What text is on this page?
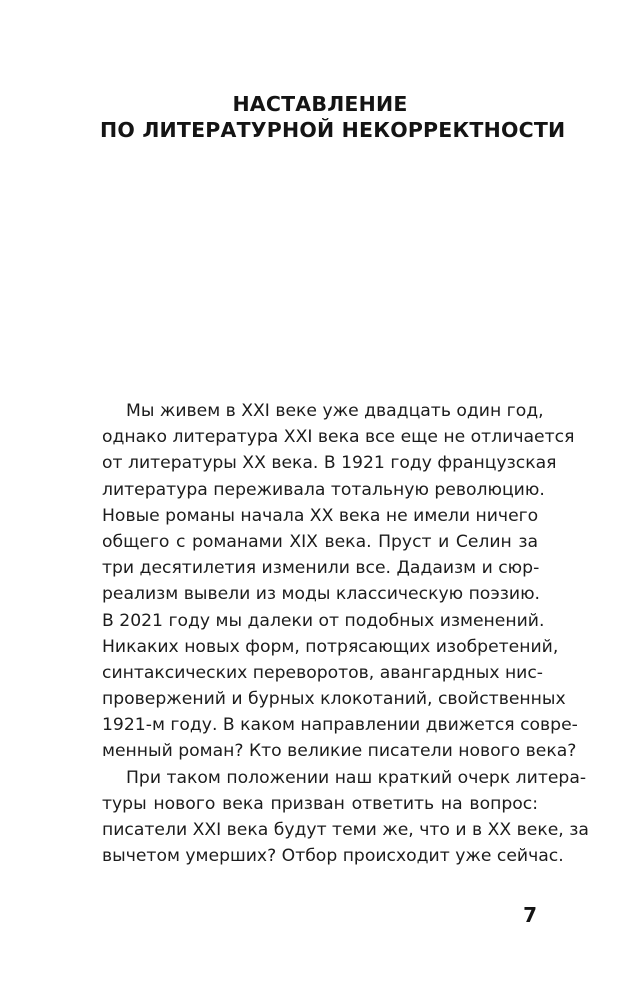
НАСТАВЛЕНИЕ
ПО ЛИТЕРАТУРНОЙ НЕКОРРЕКТНОСТИ
Мы живем в XXI веке уже двадцать один год,
однако литература XXI века все еще не отличается
от литературы XX века. В 1921 году французская
литература переживала тотальную революцию.
Новые романы начала XX века не имели ничего
общего с романами XIX века. Пруст и Селин за
три десятилетия изменили все. Дадаизм и сюр-
реализм вывели из моды классическую поэзию.
В 2021 году мы далеки от подобных изменений.
Никаких новых форм, потрясающих изобретений,
синтаксических переворотов, авангардных нис-
провержений и бурных клокотаний, свойственных
1921-м году. В каком направлении движется совре-
менный роман? Кто великие писатели нового века?
При таком положении наш краткий очерк литера-
туры нового века призван ответить на вопрос:
писатели XXI века будут теми же, что и в XX веке, за
вычетом умерших? Отбор происходит уже сейчас.
7
